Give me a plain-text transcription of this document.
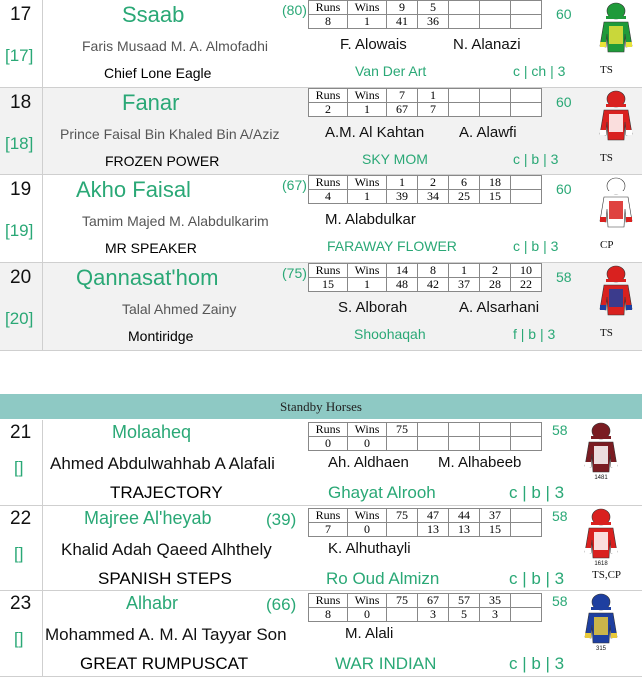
17
[17]
Ssaab	(80)
Faris Musaad M. A. Almofadhi
Chief Lone Eagle
F. Alowais	N. Alanazi
Van Der Art	c | ch | 3
60
Runs	Wins	9	5			
8	1	41	36			
TS
18
[18]
Fanar
Prince Faisal Bin Khaled Bin A/Aziz
FROZEN POWER
A.M. Al Kahtan A. Alawfi
SKY MOM	c | b | 3
60
Runs	Wins	7	1			
2	1	67	7			
TS
19
[19]
Akho Faisal	(67)
Tamim Majed M. Alabdulkarim
MR SPEAKER
M. Alabdulkar
FARAWAY FLOWER	c | b | 3
60
Runs	Wins	1	2	6	18	
4	1	39	34	25	15	
CP
20
[20]
Qannasat'hom	(75)
Talal Ahmed Zainy
Montiridge
S. Alborah	A. Alsarhani
Shoohaqah	f | b | 3
58
Runs	Wins	14	8	1	2	10
15	1	48	42	37	28	22
TS
Standby Horses
21
[]
Molaaheq
Ahmed Abdulwahhab A Alafali
TRAJECTORY
Ah. Aldhaen M. Alhabeeb
Ghayat Alrooh	c | b | 3
58
Runs	Wins	75				
0	0					
1481
22
[]
Majree Al'heyab	(39)
Khalid Adah Qaeed Alhthely
SPANISH STEPS
K. Alhuthayli
Ro Oud Almizn	c | b | 3
58
Runs	Wins	75	47	44	37	
7	0		13	13	15	
1618
TS,CP
23
[]
Alhabr	(66)
Mohammed A. M. Al Tayyar Son
GREAT RUMPUSCAT
M. Alali
WAR INDIAN	c | b | 3
58
Runs	Wins	75	67	57	35	
8	0		3	5	3	
315
